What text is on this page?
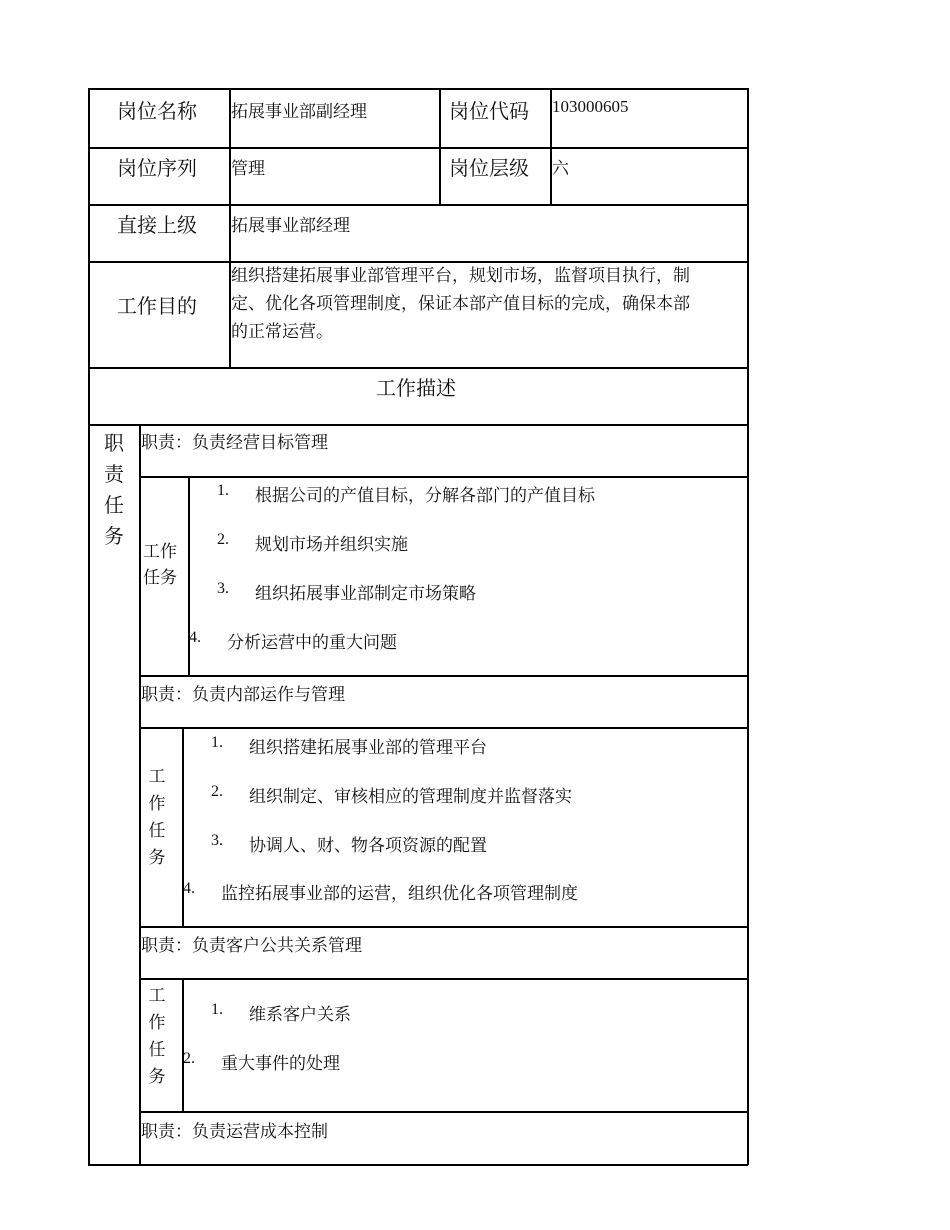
岗位名称 拓展事业部副经理	岗位代码 103000605
岗位序列 管理	岗位层级 六
直接上级 拓展事业部经理
工作目的
组织搭建拓展事业部管理平台，规划市场，监督项目执行，制
定、优化各项管理制度，保证本部产值目标的完成，确保本部
的正常运营。
工作描述
职责任务
职责：负责经营目标管理
工作任务
1. 根据公司的产值目标，分解各部门的产值目标
2. 规划市场并组织实施
3. 组织拓展事业部制定市场策略
4. 分析运营中的重大问题
职责：负责内部运作与管理
工作任务
1. 组织搭建拓展事业部的管理平台
2. 组织制定、审核相应的管理制度并监督落实
3. 协调人、财、物各项资源的配置
4. 监控拓展事业部的运营，组织优化各项管理制度
职责：负责客户公共关系管理
工作任务
1. 维系客户关系
2. 重大事件的处理
职责：负责运营成本控制
